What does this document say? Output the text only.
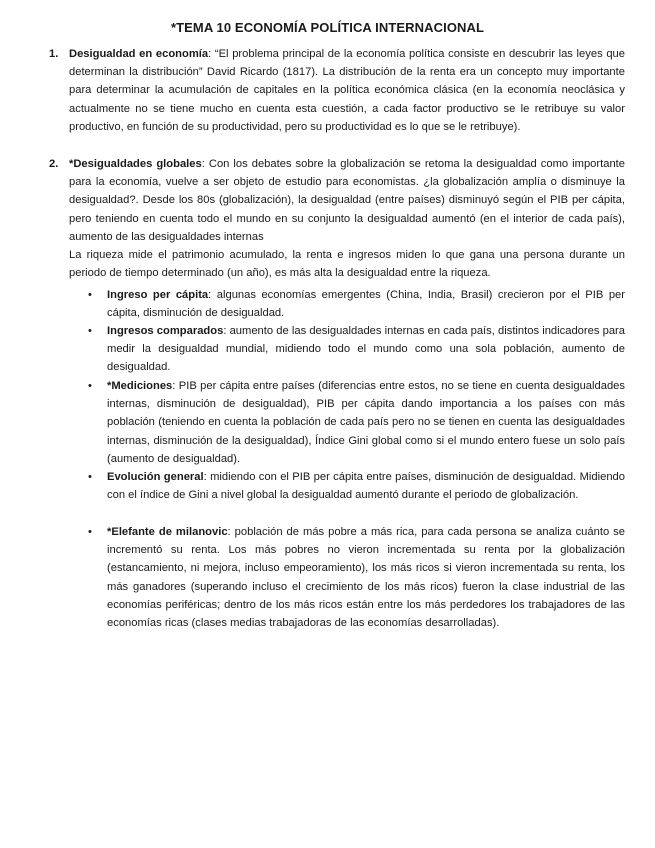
*TEMA 10 ECONOMÍA POLÍTICA INTERNACIONAL
1. Desigualdad en economía: “El problema principal de la economía política consiste en descubrir las leyes que determinan la distribución” David Ricardo (1817). La distribución de la renta era un concepto muy importante para determinar la acumulación de capitales en la política económica clásica (en la economía neoclásica y actualmente no se tiene mucho en cuenta esta cuestión, a cada factor productivo se le retribuye su valor productivo, en función de su productividad, pero su productividad es lo que se le retribuye).

2. *Desigualdades globales: Con los debates sobre la globalización se retoma la desigualdad como importante para la economía, vuelve a ser objeto de estudio para economistas. ¿la globalización amplía o disminuye la desigualdad?. Desde los 80s (globalización), la desigualdad (entre países) disminuyó según el PIB per cápita, pero teniendo en cuenta todo el mundo en su conjunto la desigualdad aumentó (en el interior de cada país), aumento de las desigualdades internas

La riqueza mide el patrimonio acumulado, la renta e ingresos miden lo que gana una persona durante un periodo de tiempo determinado (un año), es más alta la desigualdad entre la riqueza.

• Ingreso per cápita: algunas economías emergentes (China, India, Brasil) crecieron por el PIB per cápita, disminución de desigualdad.

• Ingresos comparados: aumento de las desigualdades internas en cada país, distintos indicadores para medir la desigualdad mundial, midiendo todo el mundo como una sola población, aumento de desigualdad.

• *Mediciones: PIB per cápita entre países (diferencias entre estos, no se tiene en cuenta desigualdades internas, disminución de desigualdad), PIB per cápita dando importancia a los países con más población (teniendo en cuenta la población de cada país pero no se tienen en cuenta las desigualdades internas, disminución de la desigualdad), Índice Gini global como si el mundo entero fuese un solo país (aumento de desigualdad).

• Evolución general: midiendo con el PIB per cápita entre países, disminución de desigualdad. Midiendo con el índice de Gini a nivel global la desigualdad aumentó durante el periodo de globalización.

• *Elefante de milanovic: población de más pobre a más rica, para cada persona se analiza cuánto se incrementó su renta. Los más pobres no vieron incrementada su renta por la globalización (estancamiento, ni mejora, incluso empeoramiento), los más ricos si vieron incrementada su renta, los más ganadores (superando incluso el crecimiento de los más ricos) fueron la clase industrial de las economías periféricas; dentro de los más ricos están entre los más perdedores los trabajadores de las economías ricas (clases medias trabajadoras de las economías desarrolladas).
